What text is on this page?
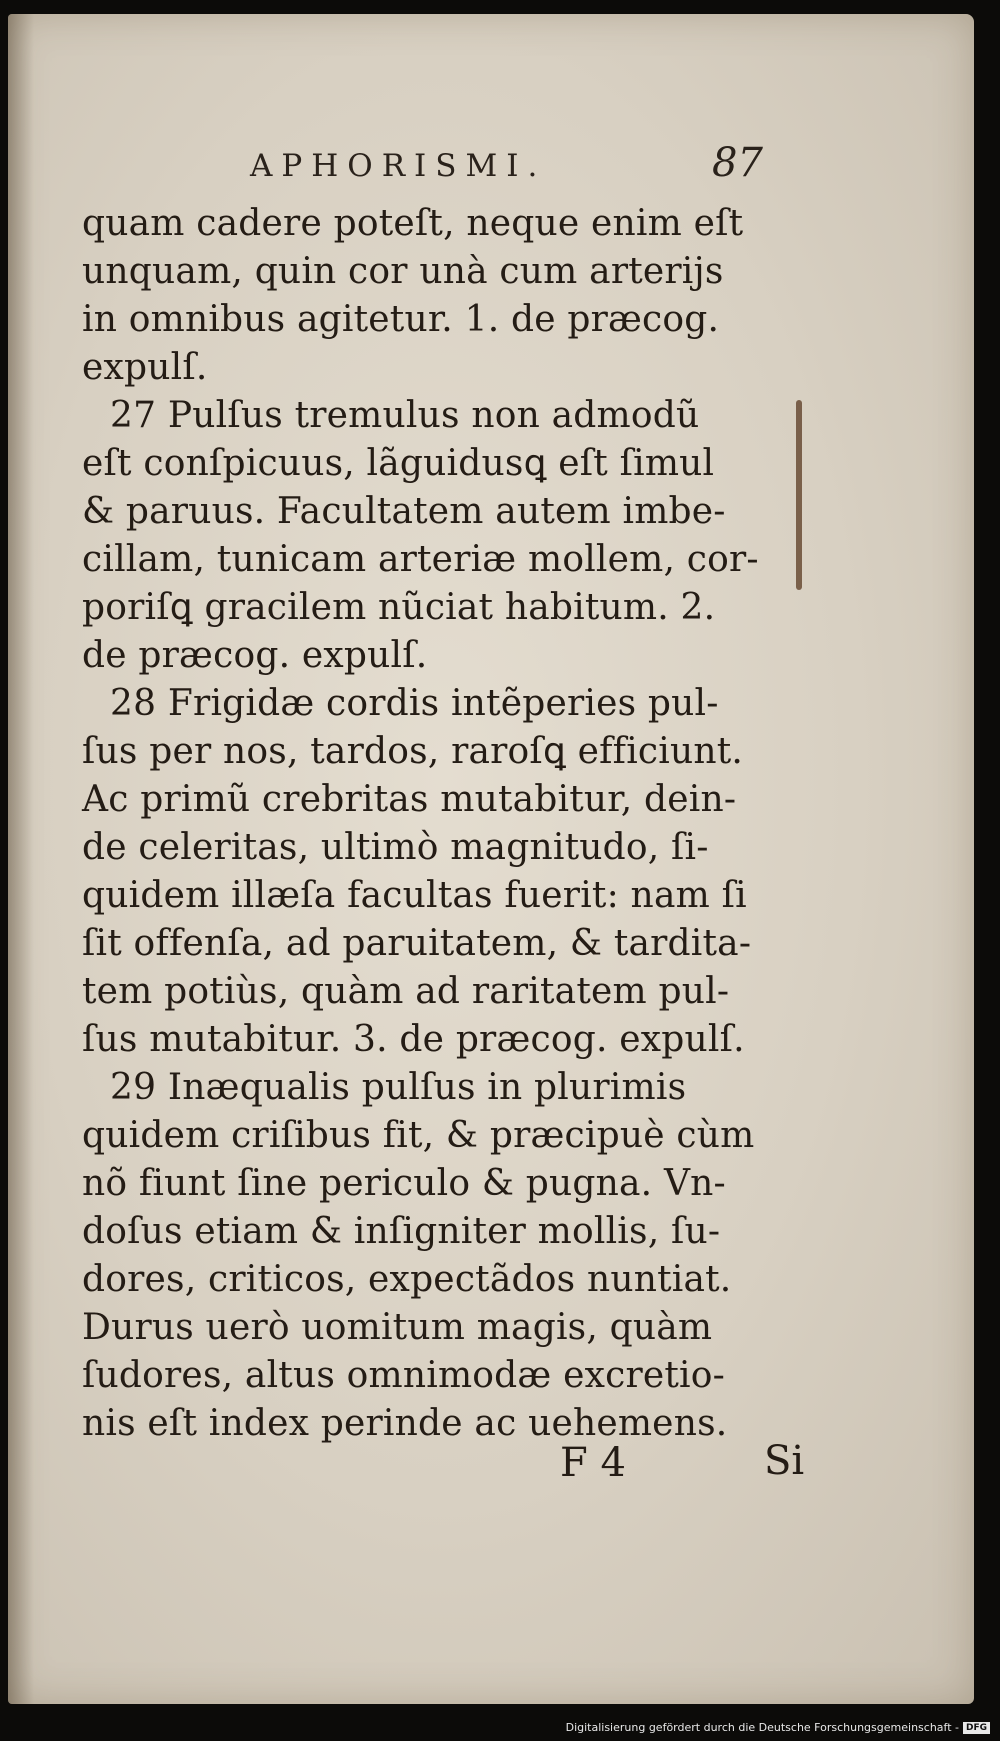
APHORISMI.	87
quam cadere poteſt, neque enim eſt
unquam, quin cor unà cum arterijs
in omnibus agitetur. 1. de præcog.
expulſ.
27 Pulſus tremulus non admodũ
eſt conſpicuus, lãguidusꝗ eſt ſimul
& paruus. Facultatem autem imbe-
cillam, tunicam arteriæ mollem, cor-
poriſꝗ gracilem nũciat habitum. 2.
de præcog. expulſ.
28 Frigidæ cordis intẽperies pul-
ſus per nos, tardos, raroſꝗ efficiunt.
Ac primũ crebritas mutabitur, dein-
de celeritas, ultimò magnitudo, ſi-
quidem illæſa facultas fuerit: nam ſi
ſit offenſa, ad paruitatem, & tardita-
tem potiùs, quàm ad raritatem pul-
ſus mutabitur. 3. de præcog. expulſ.
29 Inæqualis pulſus in plurimis
quidem criſibus fit, & præcipuè cùm
nõ fiunt ſine periculo & pugna. Vn-
doſus etiam & inſigniter mollis, ſu-
dores, criticos, expectãdos nuntiat.
Durus uerò uomitum magis, quàm
ſudores, altus omnimodæ excretio-
nis eſt index perinde ac uehemens.
F 4	Si
Digitalisierung gefördert durch die Deutsche Forschungsgemeinschaft - DFG
